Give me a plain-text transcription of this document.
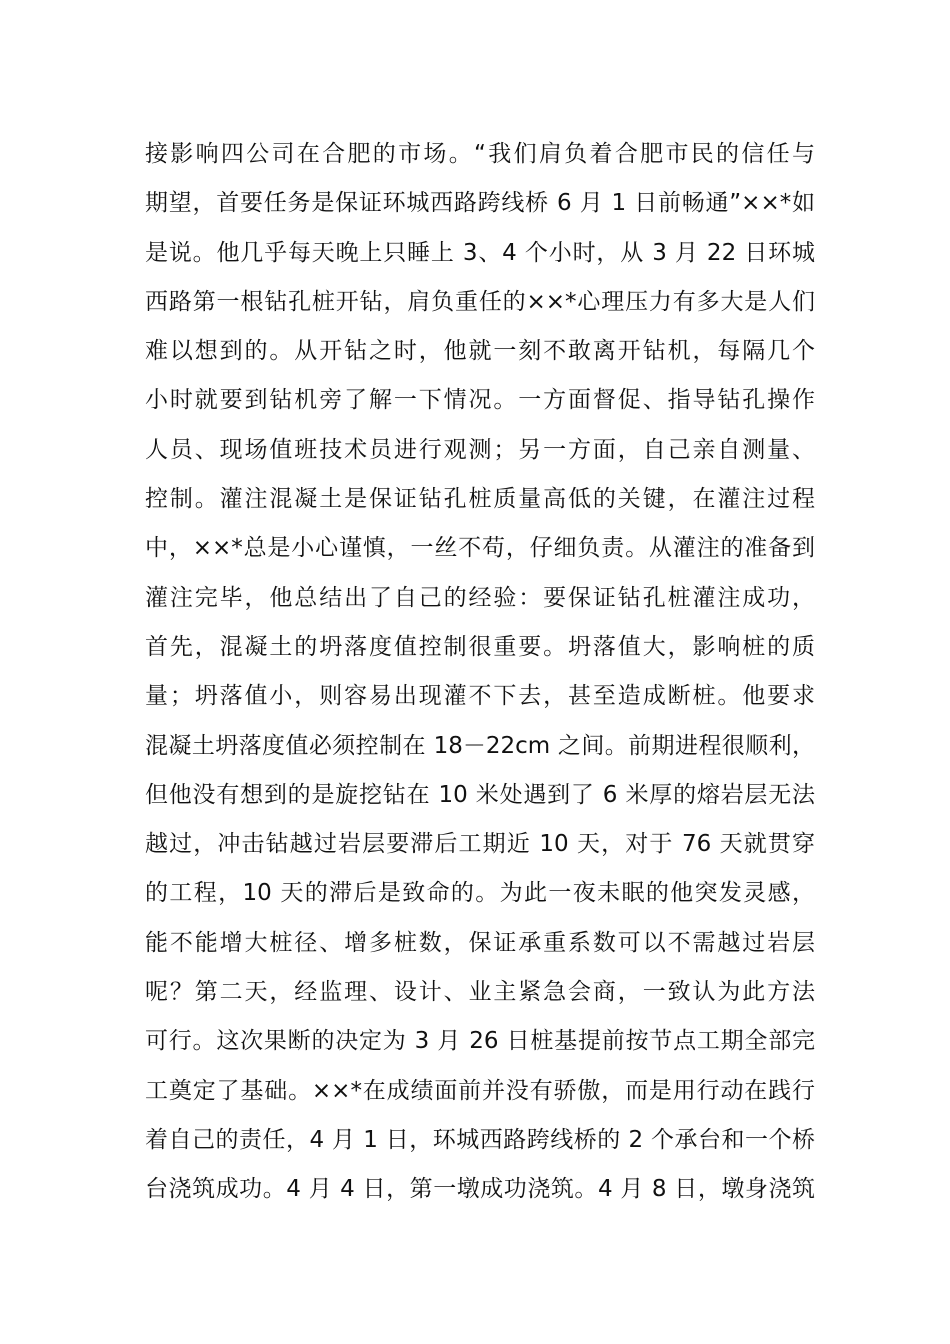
接影响四公司在合肥的市场。“我们肩负着合肥市民的信任与
期望，首要任务是保证环城西路跨线桥 6 月 1 日前畅通”××*如
是说。他几乎每天晚上只睡上 3、4 个小时，从 3 月 22 日环城
西路第一根钻孔桩开钻，肩负重任的××*心理压力有多大是人们
难以想到的。从开钻之时，他就一刻不敢离开钻机，每隔几个
小时就要到钻机旁了解一下情况。一方面督促、指导钻孔操作
人员、现场值班技术员进行观测；另一方面，自己亲自测量、
控制。灌注混凝土是保证钻孔桩质量高低的关键，在灌注过程
中，××*总是小心谨慎，一丝不苟，仔细负责。从灌注的准备到
灌注完毕，他总结出了自己的经验：要保证钻孔桩灌注成功，
首先，混凝土的坍落度值控制很重要。坍落值大，影响桩的质
量；坍落值小，则容易出现灌不下去，甚至造成断桩。他要求
混凝土坍落度值必须控制在 18－22cm 之间。前期进程很顺利，
但他没有想到的是旋挖钻在 10 米处遇到了 6 米厚的熔岩层无法
越过，冲击钻越过岩层要滞后工期近 10 天，对于 76 天就贯穿
的工程，10 天的滞后是致命的。为此一夜未眠的他突发灵感，
能不能增大桩径、增多桩数，保证承重系数可以不需越过岩层
呢？第二天，经监理、设计、业主紧急会商，一致认为此方法
可行。这次果断的决定为 3 月 26 日桩基提前按节点工期全部完
工奠定了基础。××*在成绩面前并没有骄傲，而是用行动在践行
着自己的责任，4 月 1 日，环城西路跨线桥的 2 个承台和一个桥
台浇筑成功。4 月 4 日，第一墩成功浇筑。4 月 8 日，墩身浇筑
